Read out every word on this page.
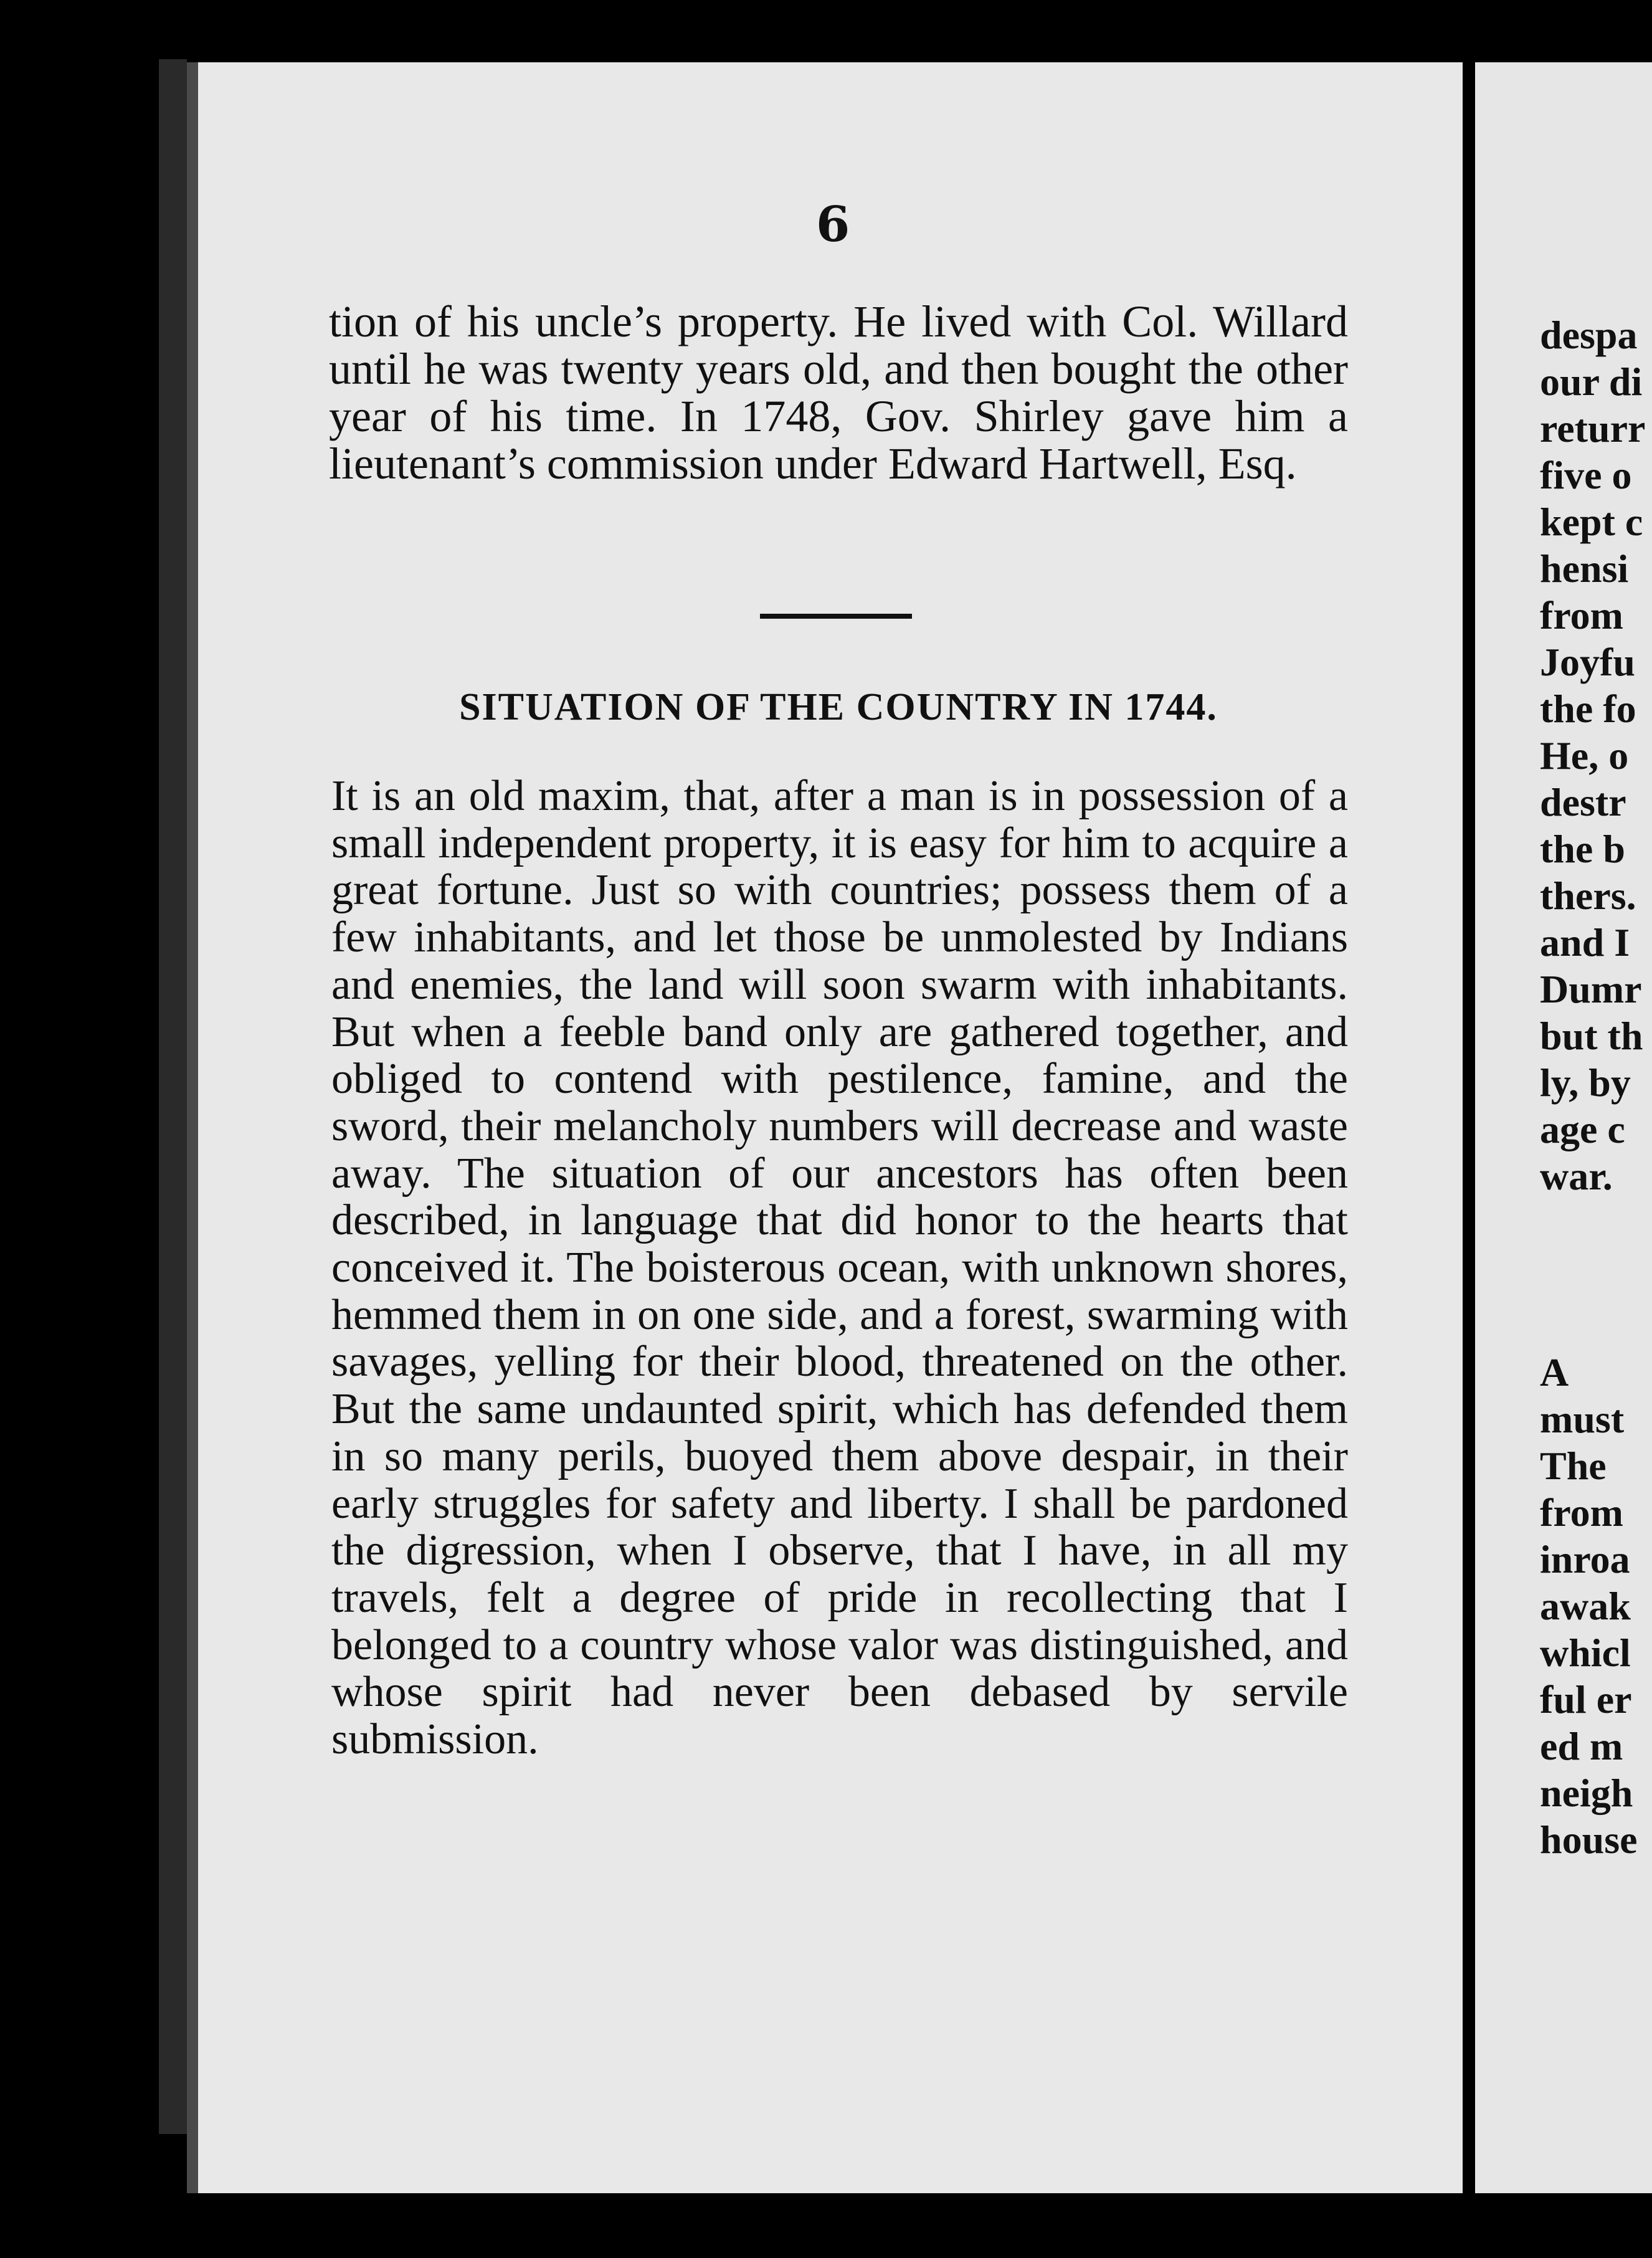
6
tion of his uncle’s property. He lived with Col. Willard until he was twenty years old, and then bought the other year of his time. In 1748, Gov. Shirley gave him a lieutenant’s commission under Edward Hartwell, Esq.
SITUATION OF THE COUNTRY IN 1744.
It is an old maxim, that, after a man is in possession of a small independent property, it is easy for him to acquire a great fortune. Just so with countries; possess them of a few inhabitants, and let those be unmolested by Indians and enemies, the land will soon swarm with inhabitants. But when a feeble band only are gathered together, and obliged to contend with pestilence, famine, and the sword, their melancholy numbers will decrease and waste away. The situation of our ancestors has often been described, in language that did honor to the hearts that conceived it. The boisterous ocean, with unknown shores, hemmed them in on one side, and a forest, swarming with savages, yelling for their blood, threatened on the other. But the same undaunted spirit, which has defended them in so many perils, buoyed them above despair, in their early struggles for safety and liberty. I shall be pardoned the digression, when I observe, that I have, in all my travels, felt a degree of pride in recollecting that I belonged to a country whose valor was distinguished, and whose spirit had never been debased by servile submission.
despa
our di
returr
five o
kept c
hensi
from
Joyfu
the fo
He, o
destr
the b
thers.
and I
Dumr
but th
ly, by
age c
war.
A
must
The
from
inroa
awak
whicl
ful er
ed m
neigh
house
